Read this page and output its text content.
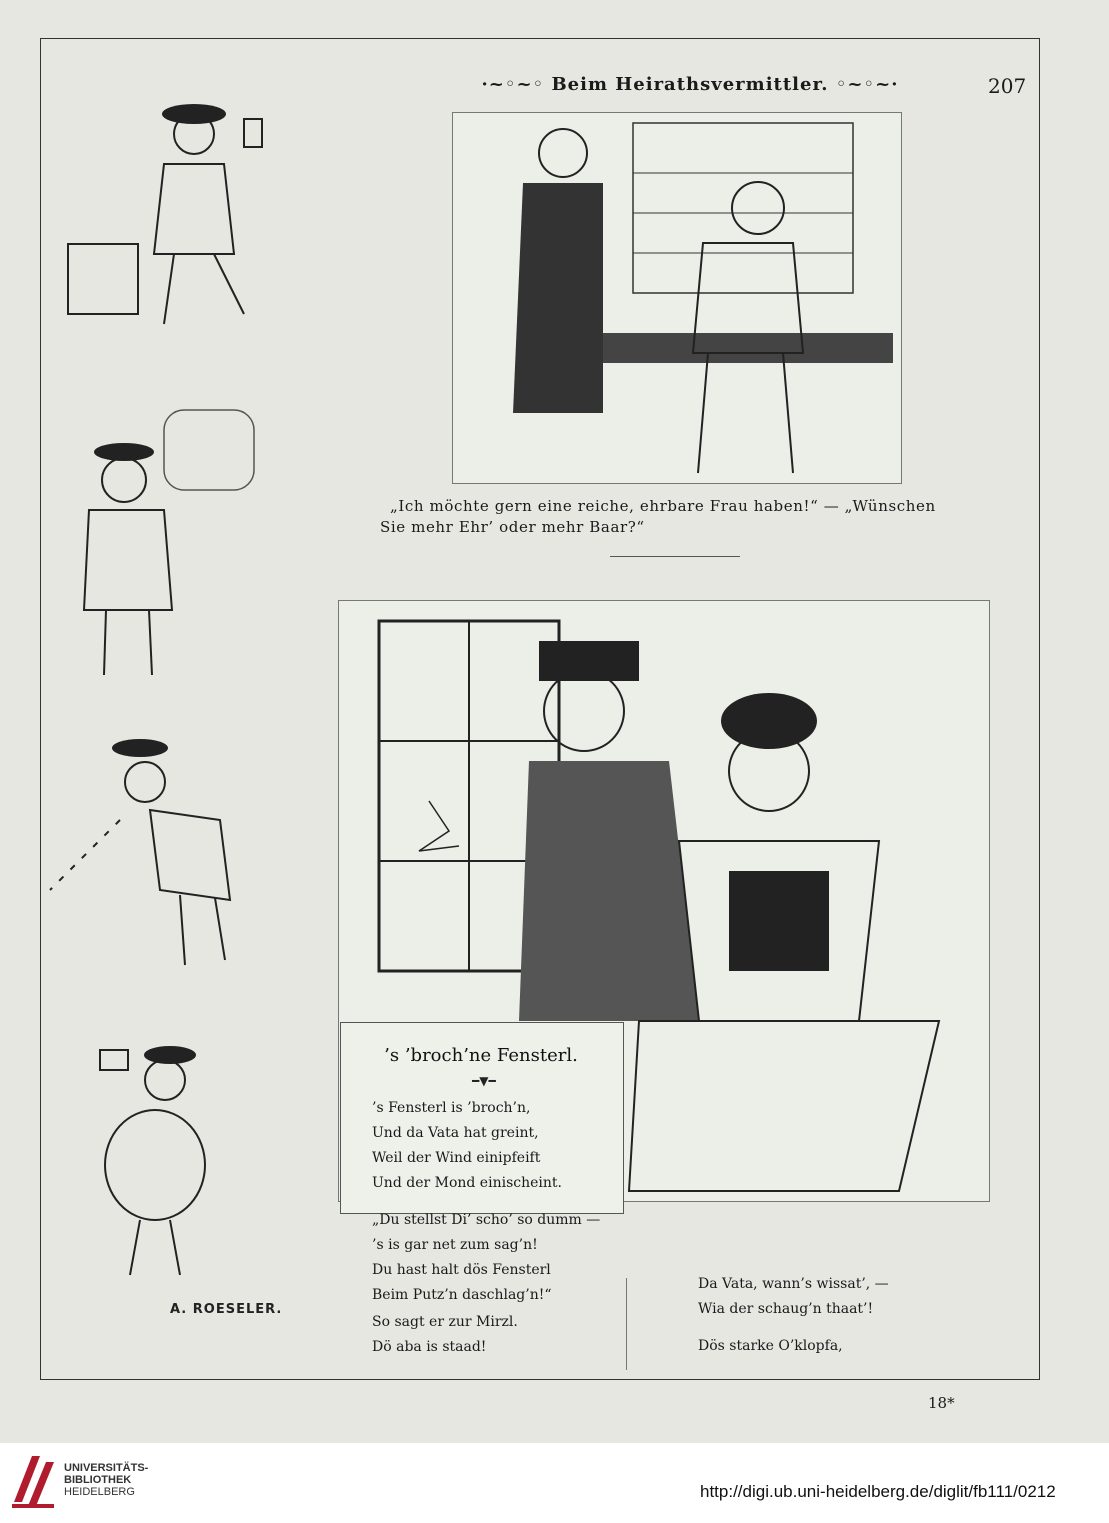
·~◦~◦ Beim Heirathsvermittler. ◦~◦~·	207
A. ROESELER.
„Ich möchte gern eine reiche, ehrbare Frau haben!“ — „Wünschen
Sie mehr Ehr’ oder mehr Baar?“
’s ’broch’ne Fensterl.
━▼━
’s Fensterl is ’broch’n,
Und da Vata hat greint,
Weil der Wind einipfeift
Und der Mond einischeint.
„Du stellst Di’ scho’ so dumm —
’s is gar net zum sag’n!
Du hast halt dös Fensterl
Beim Putz’n daschlag’n!“
So sagt er zur Mirzl.
Dö aba is staad!
Da Vata, wann’s wissat’, —
Wia der schaug’n thaat’!
Dös starke O’klopfa,
18*
UNIVERSITÄTS-
BIBLIOTHEK
HEIDELBERG	http://digi.ub.uni-heidelberg.de/diglit/fb111/0212
